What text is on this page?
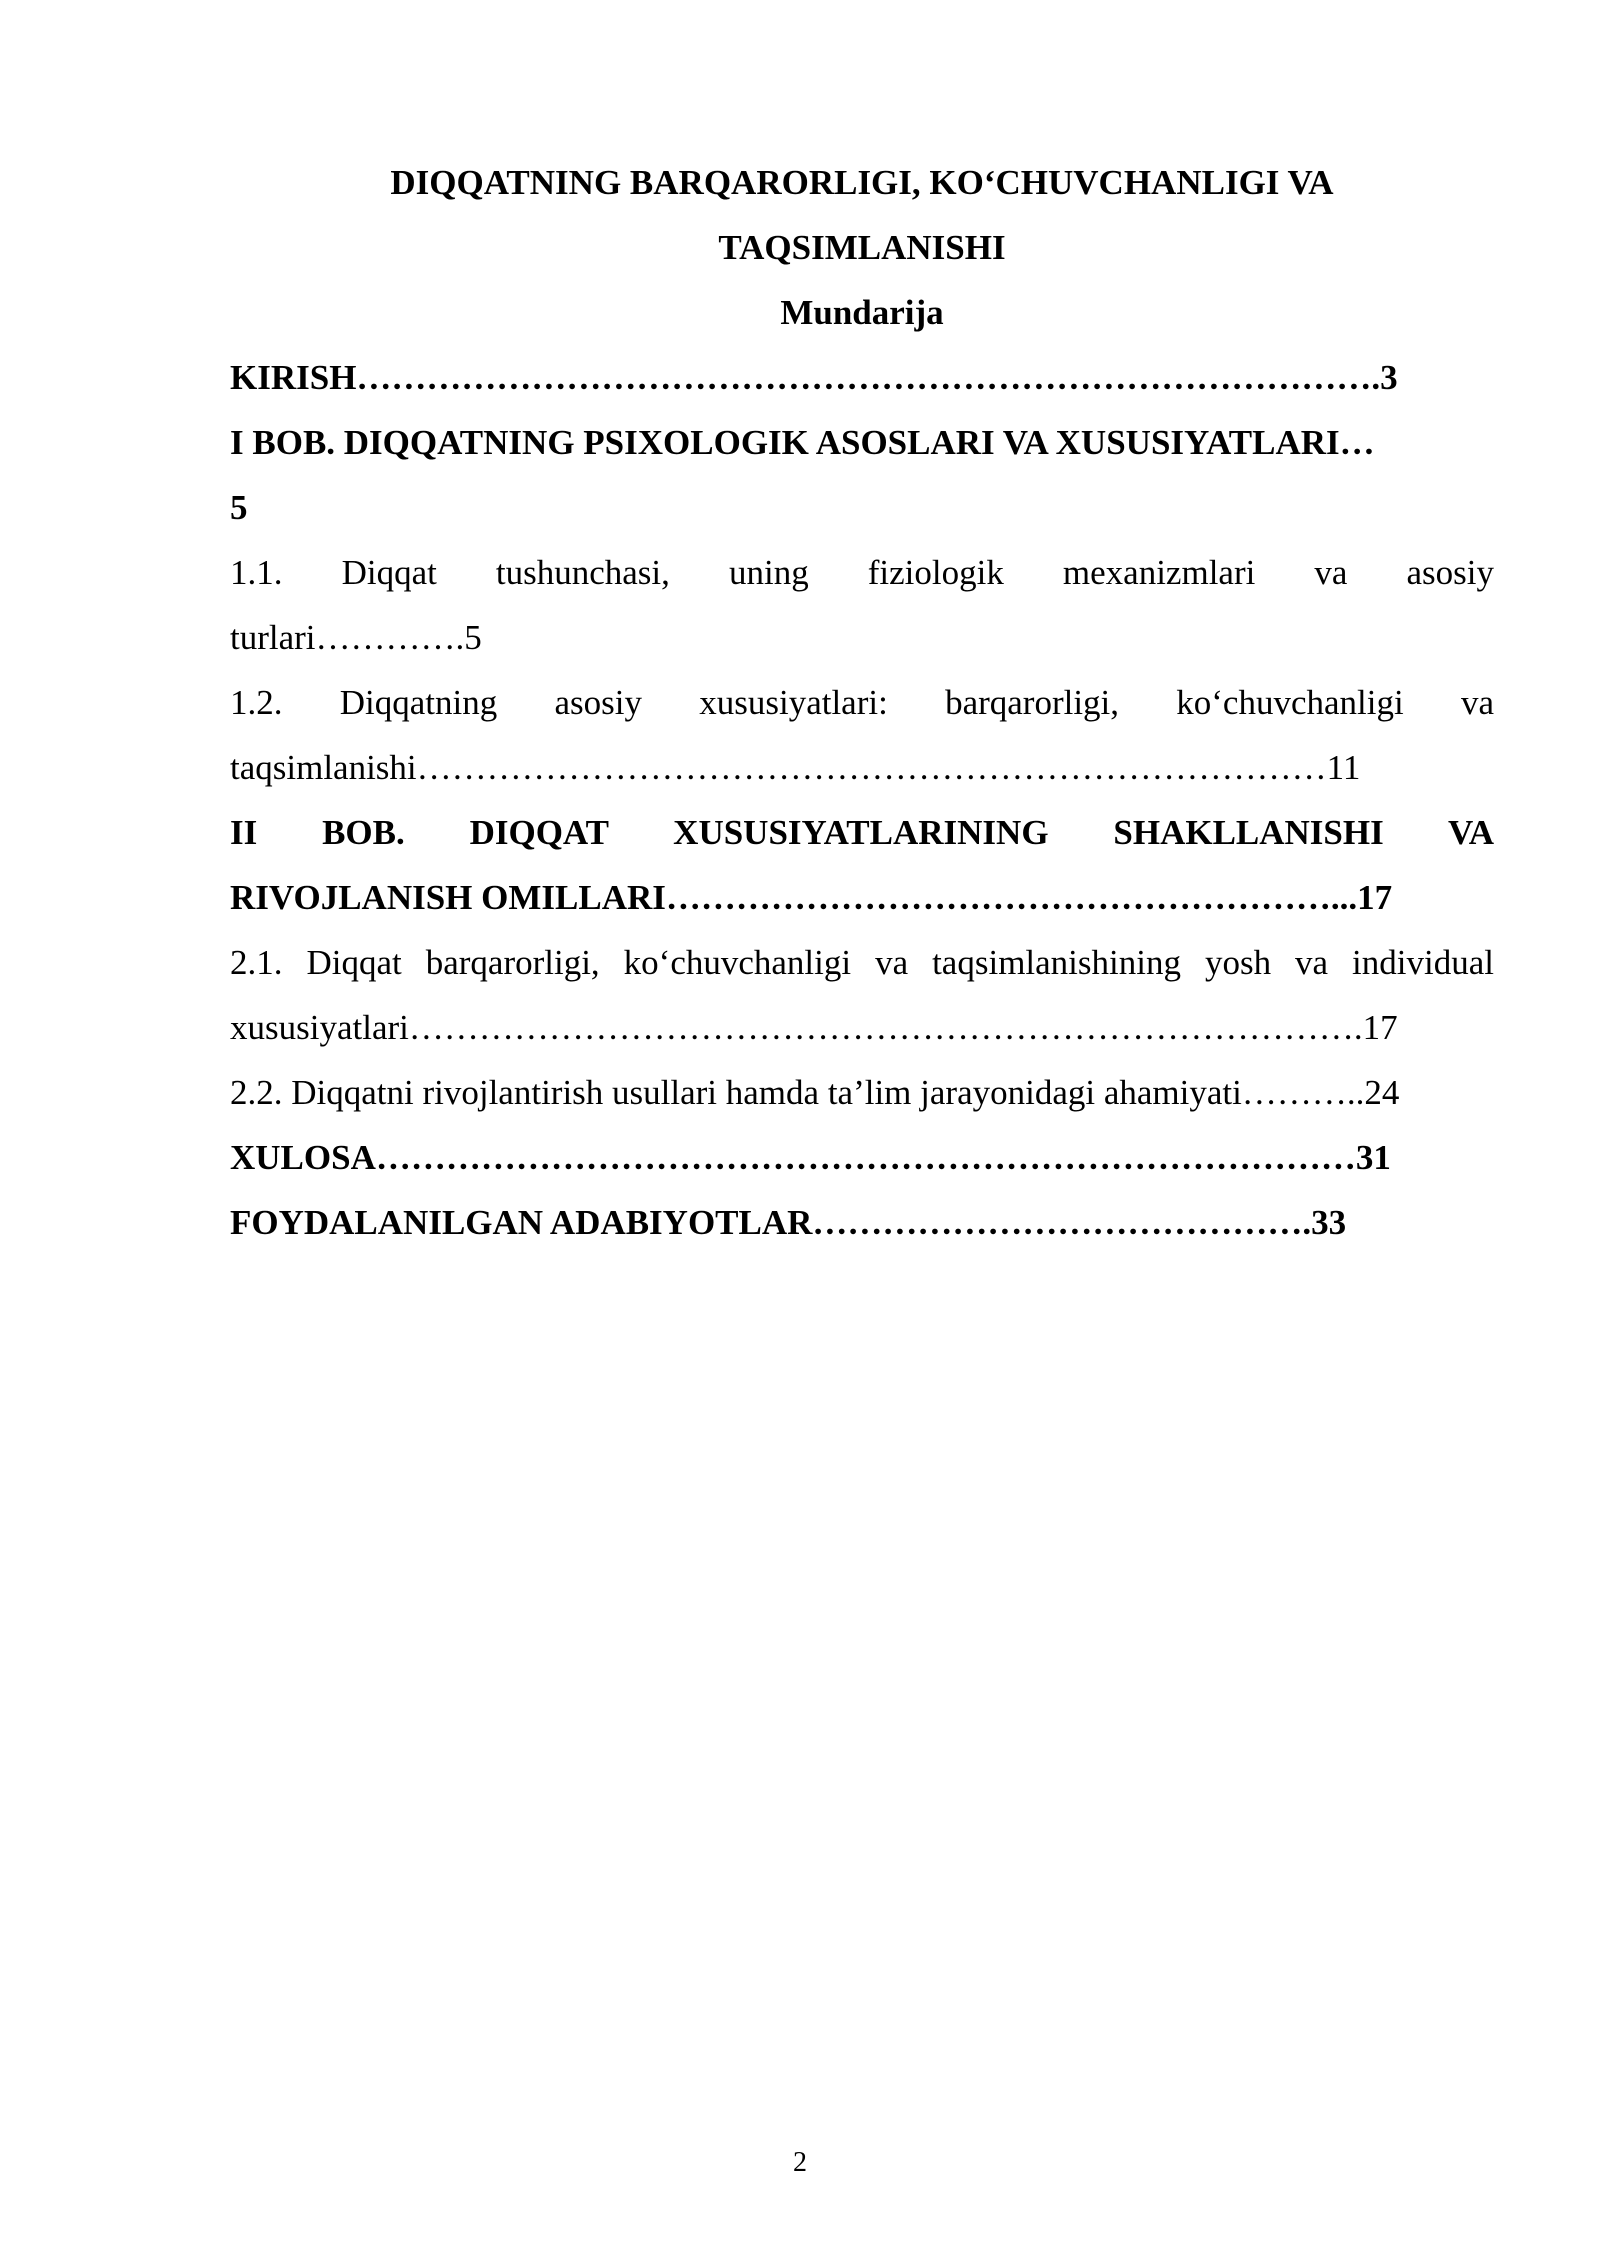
DIQQATNING BARQARORLIGI, KO‘CHUVCHANLIGI VA

TAQSIMLANISHI

Mundarija

KIRISH…………………………………………………………………………….3

I BOB. DIQQATNING PSIXOLOGIK ASOSLARI VA XUSUSIYATLARI…

5

1.1. Diqqat tushunchasi, uning fiziologik mexanizmlari va asosiy

turlari………….5

1.2. Diqqatning asosiy xususiyatlari: barqarorligi, ko‘chuvchanligi va

taqsimlanishi……………………………………………………………………11

II BOB. DIQQAT XUSUSIYATLARINING SHAKLLANISHI VA

RIVOJLANISH OMILLARI…………………………………………………...17

2.1. Diqqat barqarorligi, ko‘chuvchanligi va taqsimlanishining yosh va individual

xususiyatlari……………………………………………………………………….17

2.2. Diqqatni rivojlantirish usullari hamda ta’lim jarayonidagi ahamiyati………..24

XULOSA…………………………………………………………………………31

FOYDALANILGAN ADABIYOTLAR…………………………………….33

2
